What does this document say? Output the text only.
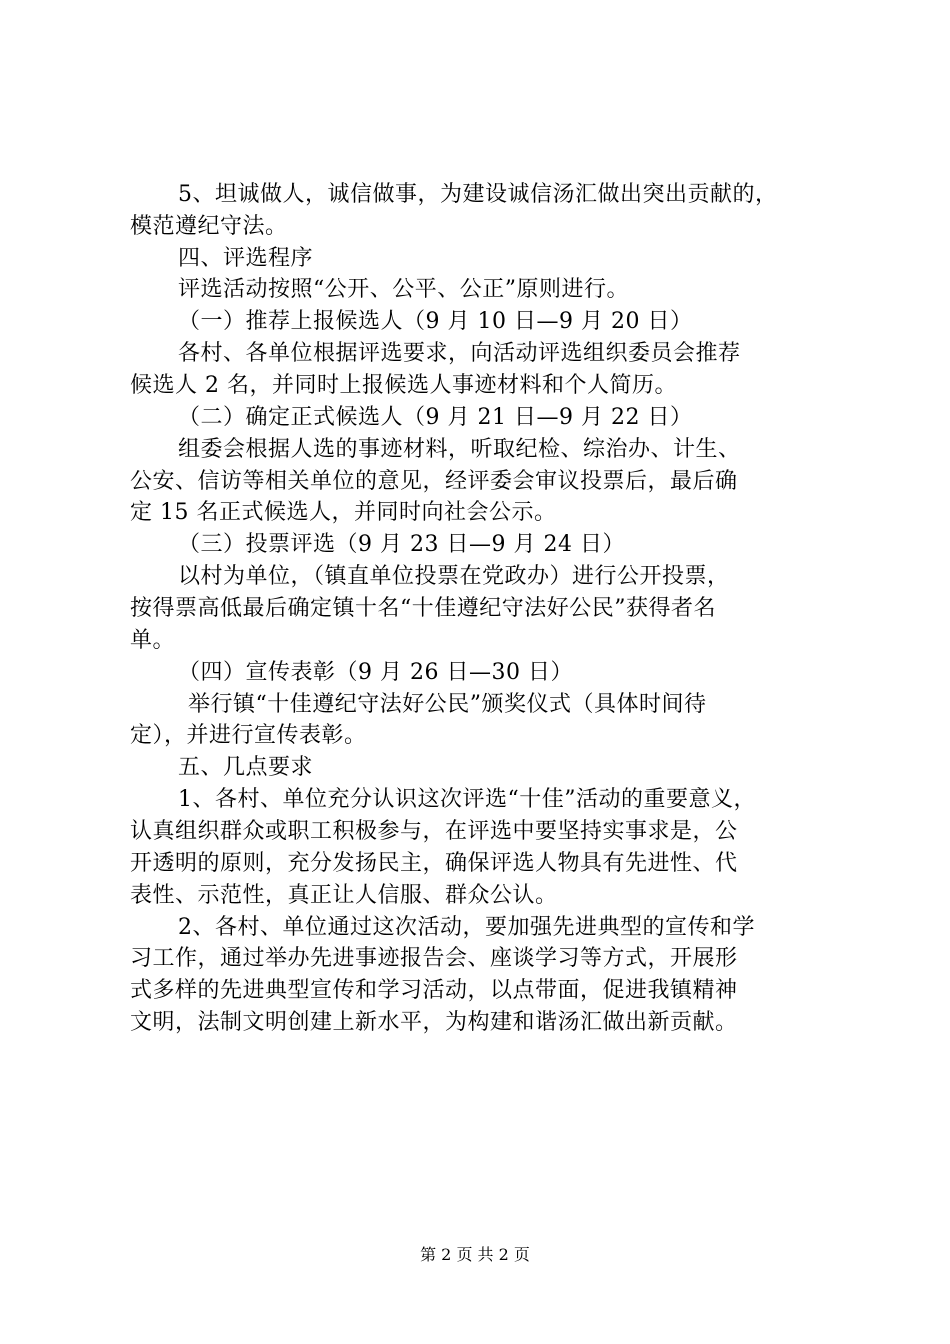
5、坦诚做人，诚信做事，为建设诚信汤汇做出突出贡献的，
模范遵纪守法。
四、评选程序
评选活动按照“公开、公平、公正”原则进行。
（一）推荐上报候选人（9 月 10 日—9 月 20 日）
各村、各单位根据评选要求，向活动评选组织委员会推荐
候选人 2 名，并同时上报候选人事迹材料和个人简历。
（二）确定正式候选人（9 月 21 日—9 月 22 日）
组委会根据人选的事迹材料，听取纪检、综治办、计生、
公安、信访等相关单位的意见，经评委会审议投票后，最后确
定 15 名正式候选人，并同时向社会公示。
（三）投票评选（9 月 23 日—9 月 24 日）
以村为单位，（镇直单位投票在党政办）进行公开投票，
按得票高低最后确定镇十名“十佳遵纪守法好公民”获得者名
单。
（四）宣传表彰（9 月 26 日—30 日）
举行镇“十佳遵纪守法好公民”颁奖仪式（具体时间待
定），并进行宣传表彰。
五、几点要求
1、各村、单位充分认识这次评选“十佳”活动的重要意义，
认真组织群众或职工积极参与，在评选中要坚持实事求是，公
开透明的原则，充分发扬民主，确保评选人物具有先进性、代
表性、示范性，真正让人信服、群众公认。
2、各村、单位通过这次活动，要加强先进典型的宣传和学
习工作，通过举办先进事迹报告会、座谈学习等方式，开展形
式多样的先进典型宣传和学习活动，以点带面，促进我镇精神
文明，法制文明创建上新水平，为构建和谐汤汇做出新贡献。
第 2 页 共 2 页
